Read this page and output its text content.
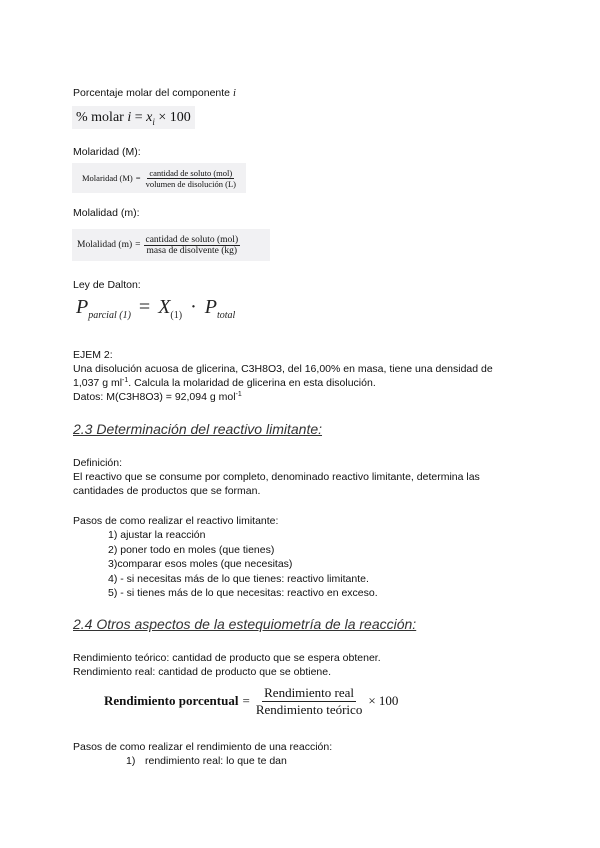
Porcentaje molar del componente i
% molar $i = x_i \times 100$
Molaridad (M):
Molaridad $(M) = \frac{\text{cantidad de soluto (mol)}}{\text{volumen de disolución (L)}}$
Molalidad (m):
Molalidad $(m) = \frac{\text{cantidad de soluto (mol)}}{\text{masa de disolvente (kg)}}$
Ley de Dalton:
$P_{parcial (1)} = X_{(1)} \cdot P_{total}$
EJEM 2:
Una disolución acuosa de glicerina, C3H8O3, del 16,00% en masa, tiene una densidad de
1,037 g $ml^{-1}$. Calcula la molaridad de glicerina en esta disolución.
Datos: M(C3H8O3) = 92,094 g mol$^{-1}$
2.3 Determinación del reactivo limitante:
Definición:
El reactivo que se consume por completo, denominado reactivo limitante, determina las
cantidades de productos que se forman.
Pasos de como realizar el reactivo limitante:
1) ajustar la reacción
2) poner todo en moles (que tienes)
3)comparar esos moles (que necesitas)
4) - si necesitas más de lo que tienes: reactivo limitante.
5) - si tienes más de lo que necesitas: reactivo en exceso.
2.4 Otros aspectos de la estequiometría de la reacción:
Rendimiento teórico: cantidad de producto que se espera obtener.
Rendimiento real: cantidad de producto que se obtiene.
Rendimiento porcentual = $\frac{\text{Rendimiento real}}{\text{Rendimiento teórico}} \times 100$
Pasos de como realizar el rendimiento de una reacción:
1) rendimiento real: lo que te dan
